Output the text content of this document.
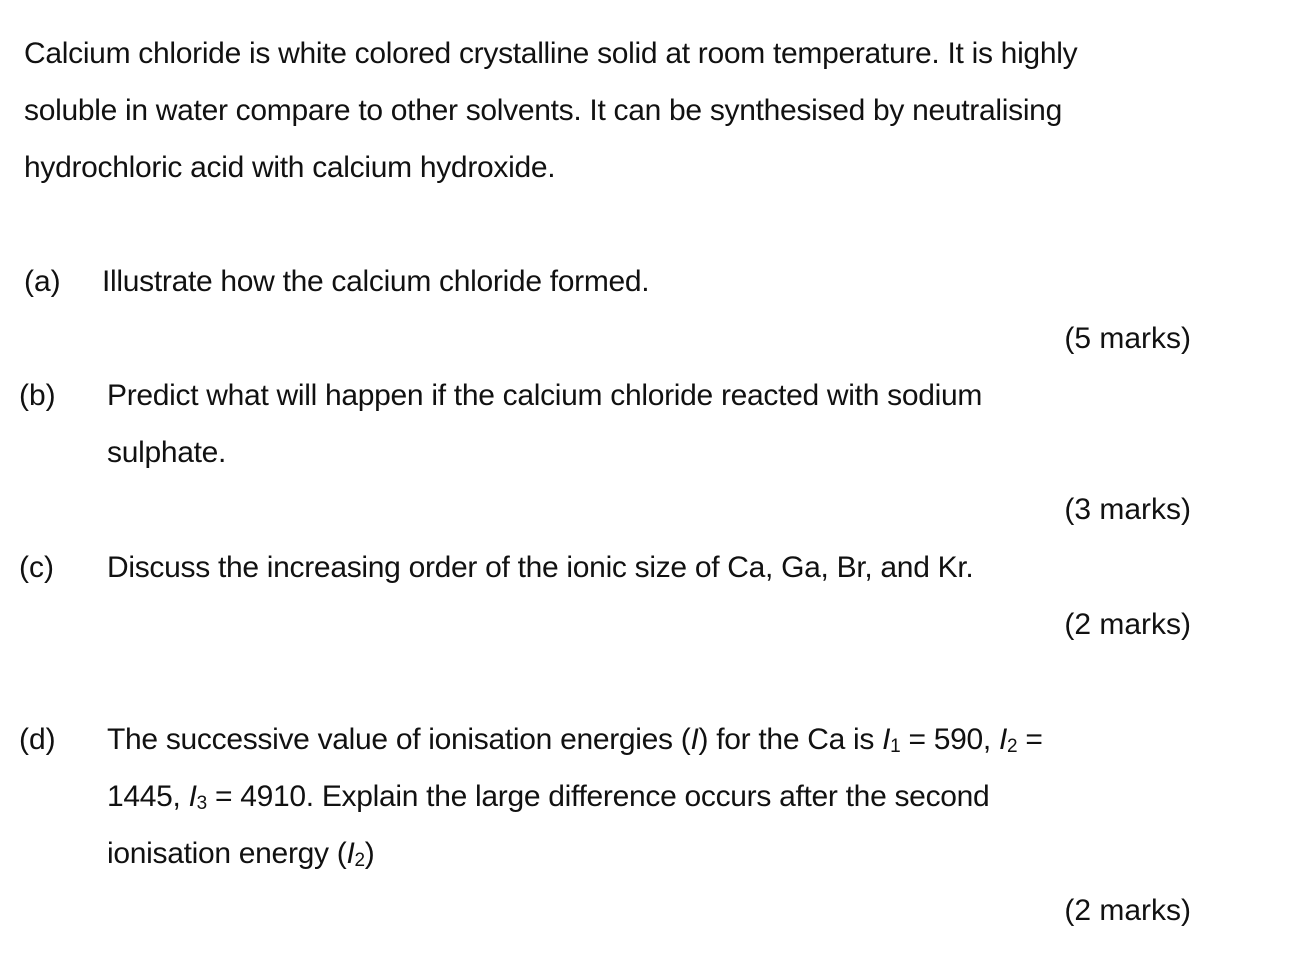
Calcium chloride is white colored crystalline solid at room temperature. It is highly
soluble in water compare to other solvents. It can be synthesised by neutralising
hydrochloric acid with calcium hydroxide.
(a) Illustrate how the calcium chloride formed.
(5 marks)
(b) Predict what will happen if the calcium chloride reacted with sodium
sulphate.
(3 marks)
(c) Discuss the increasing order of the ionic size of Ca, Ga, Br, and Kr.
(2 marks)
(d) The successive value of ionisation energies (I) for the Ca is I1 = 590, I2 =
1445, I3 = 4910. Explain the large difference occurs after the second
ionisation energy (I2)
(2 marks)
